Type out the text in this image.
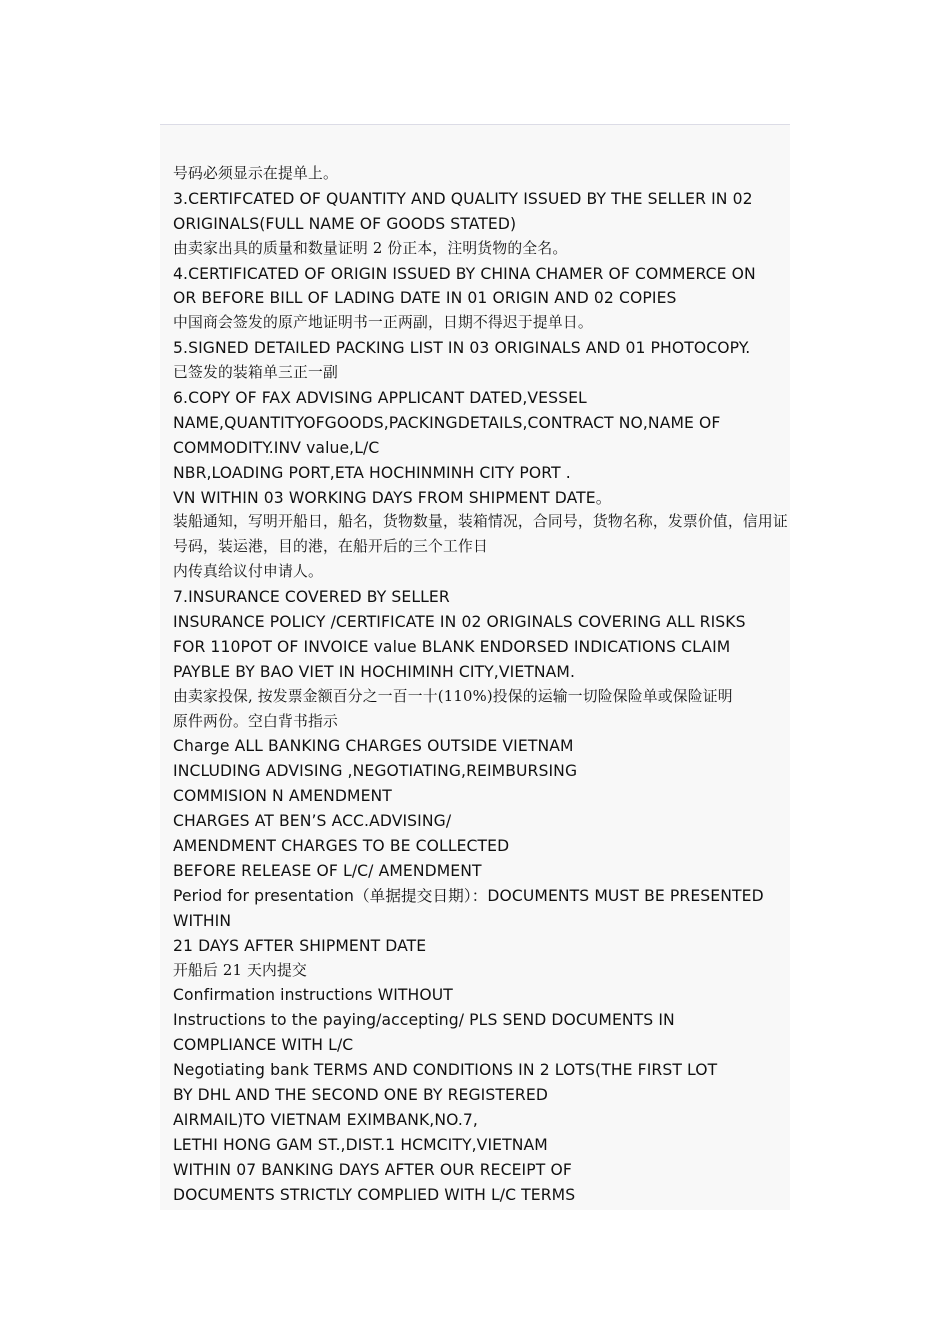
号码必须显示在提单上。
3.CERTIFCATED OF QUANTITY AND QUALITY ISSUED BY THE SELLER IN 02
ORIGINALS(FULL NAME OF GOODS STATED)
由卖家出具的质量和数量证明 2 份正本，注明货物的全名。
4.CERTIFICATED OF ORIGIN ISSUED BY CHINA CHAMER OF COMMERCE ON
OR BEFORE BILL OF LADING DATE IN 01 ORIGIN AND 02 COPIES
中国商会签发的原产地证明书一正两副，日期不得迟于提单日。
5.SIGNED DETAILED PACKING LIST IN 03 ORIGINALS AND 01 PHOTOCOPY.
已签发的装箱单三正一副
6.COPY OF FAX ADVISING APPLICANT DATED,VESSEL
NAME,QUANTITYOFGOODS,PACKINGDETAILS,CONTRACT NO,NAME OF
COMMODITY.INV value,L/C
NBR,LOADING PORT,ETA HOCHINMINH CITY PORT .
VN WITHIN 03 WORKING DAYS FROM SHIPMENT DATE。
装船通知，写明开船日，船名，货物数量，装箱情况，合同号，货物名称，发票价值，信用证
号码，装运港，目的港，在船开后的三个工作日
内传真给议付申请人。
7.INSURANCE COVERED BY SELLER
INSURANCE POLICY /CERTIFICATE IN 02 ORIGINALS COVERING ALL RISKS
FOR 110POT OF INVOICE value BLANK ENDORSED INDICATIONS CLAIM
PAYBLE BY BAO VIET IN HOCHIMINH CITY,VIETNAM.
由卖家投保, 按发票金额百分之一百一十(110%)投保的运输一切险保险单或保险证明
原件两份。空白背书指示
Charge ALL BANKING CHARGES OUTSIDE VIETNAM
INCLUDING ADVISING ,NEGOTIATING,REIMBURSING
COMMISION N AMENDMENT
CHARGES AT BEN’S ACC.ADVISING/
AMENDMENT CHARGES TO BE COLLECTED
BEFORE RELEASE OF L/C/ AMENDMENT
Period for presentation（单据提交日期）：DOCUMENTS MUST BE PRESENTED
WITHIN
21 DAYS AFTER SHIPMENT DATE
开船后 21 天内提交
Confirmation instructions WITHOUT
Instructions to the paying/accepting/ PLS SEND DOCUMENTS IN
COMPLIANCE WITH L/C
Negotiating bank TERMS AND CONDITIONS IN 2 LOTS(THE FIRST LOT
BY DHL AND THE SECOND ONE BY REGISTERED
AIRMAIL)TO VIETNAM EXIMBANK,NO.7,
LETHI HONG GAM ST.,DIST.1 HCMCITY,VIETNAM
WITHIN 07 BANKING DAYS AFTER OUR RECEIPT OF
DOCUMENTS STRICTLY COMPLIED WITH L/C TERMS
